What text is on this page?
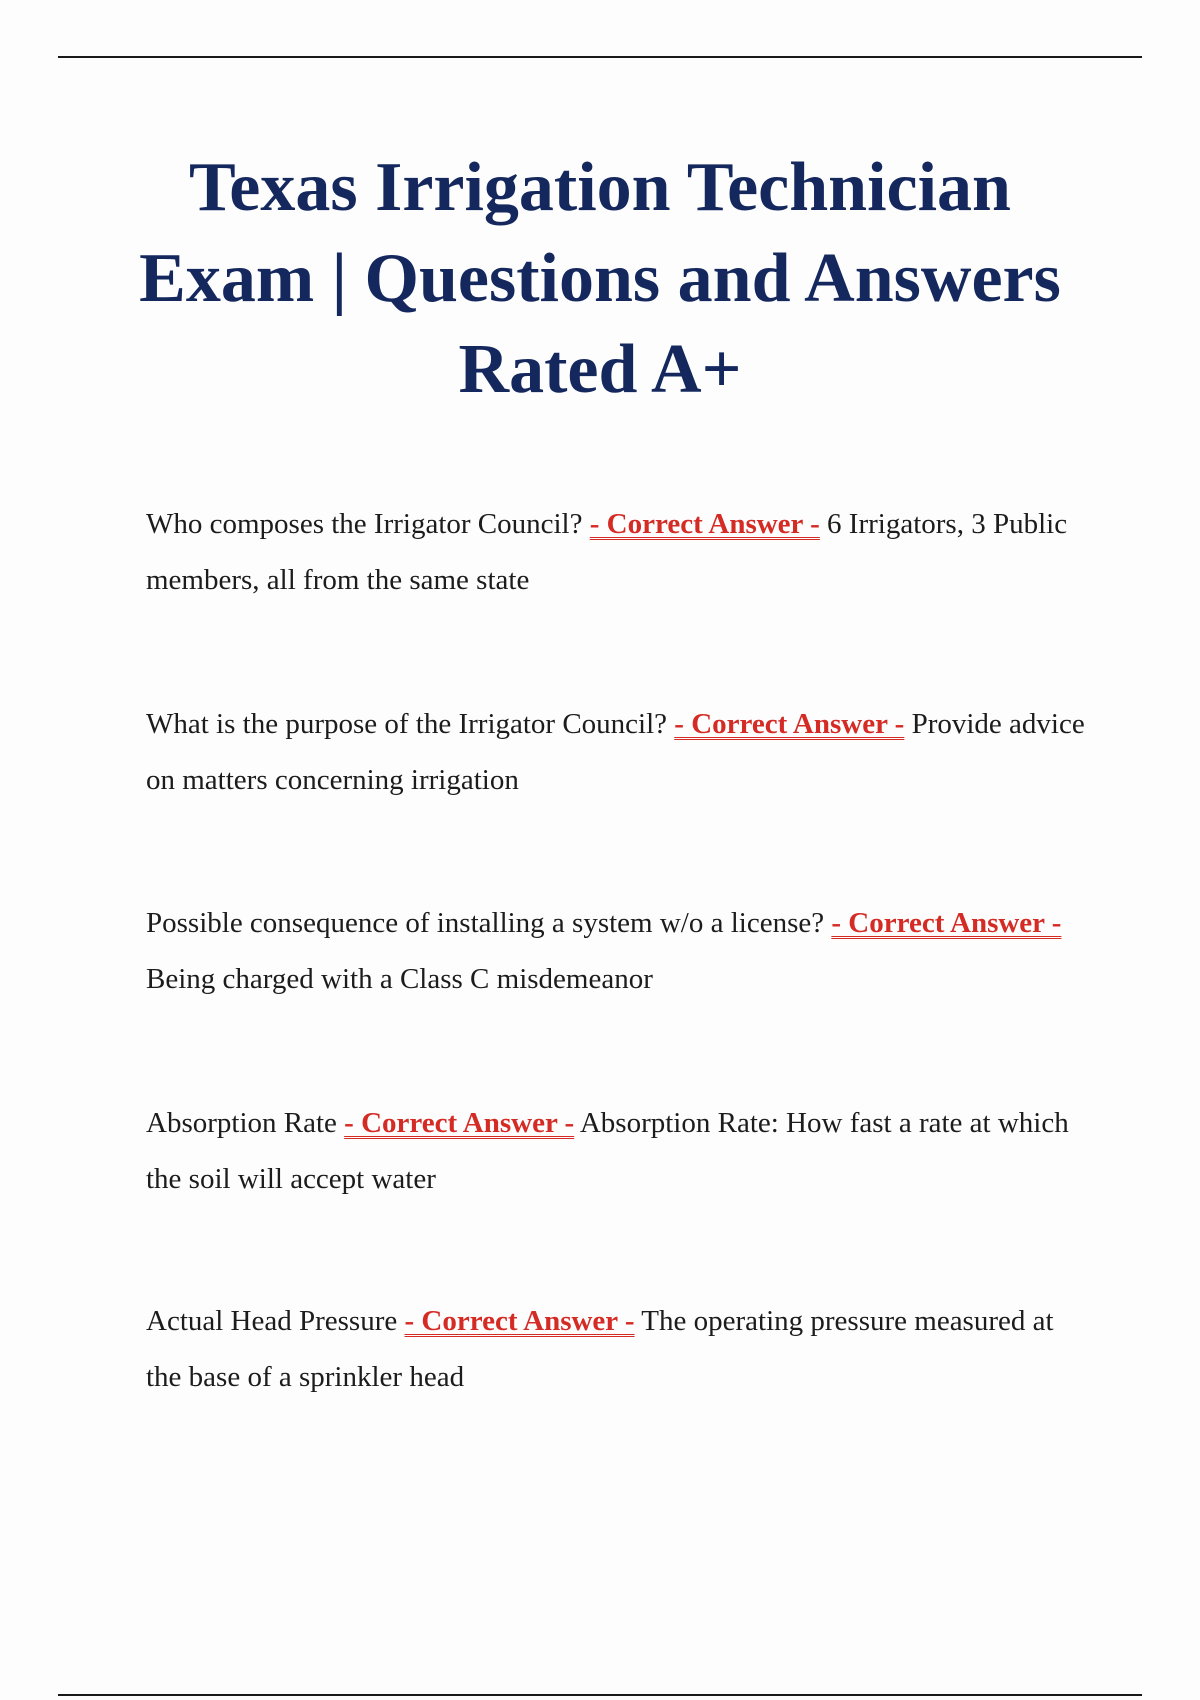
Texas Irrigation Technician Exam | Questions and Answers Rated A+

Who composes the Irrigator Council? - Correct Answer - 6 Irrigators, 3 Public members, all from the same state

What is the purpose of the Irrigator Council? - Correct Answer - Provide advice on matters concerning irrigation

Possible consequence of installing a system w/o a license? - Correct Answer - Being charged with a Class C misdemeanor

Absorption Rate - Correct Answer - Absorption Rate: How fast a rate at which the soil will accept water

Actual Head Pressure - Correct Answer - The operating pressure measured at the base of a sprinkler head
